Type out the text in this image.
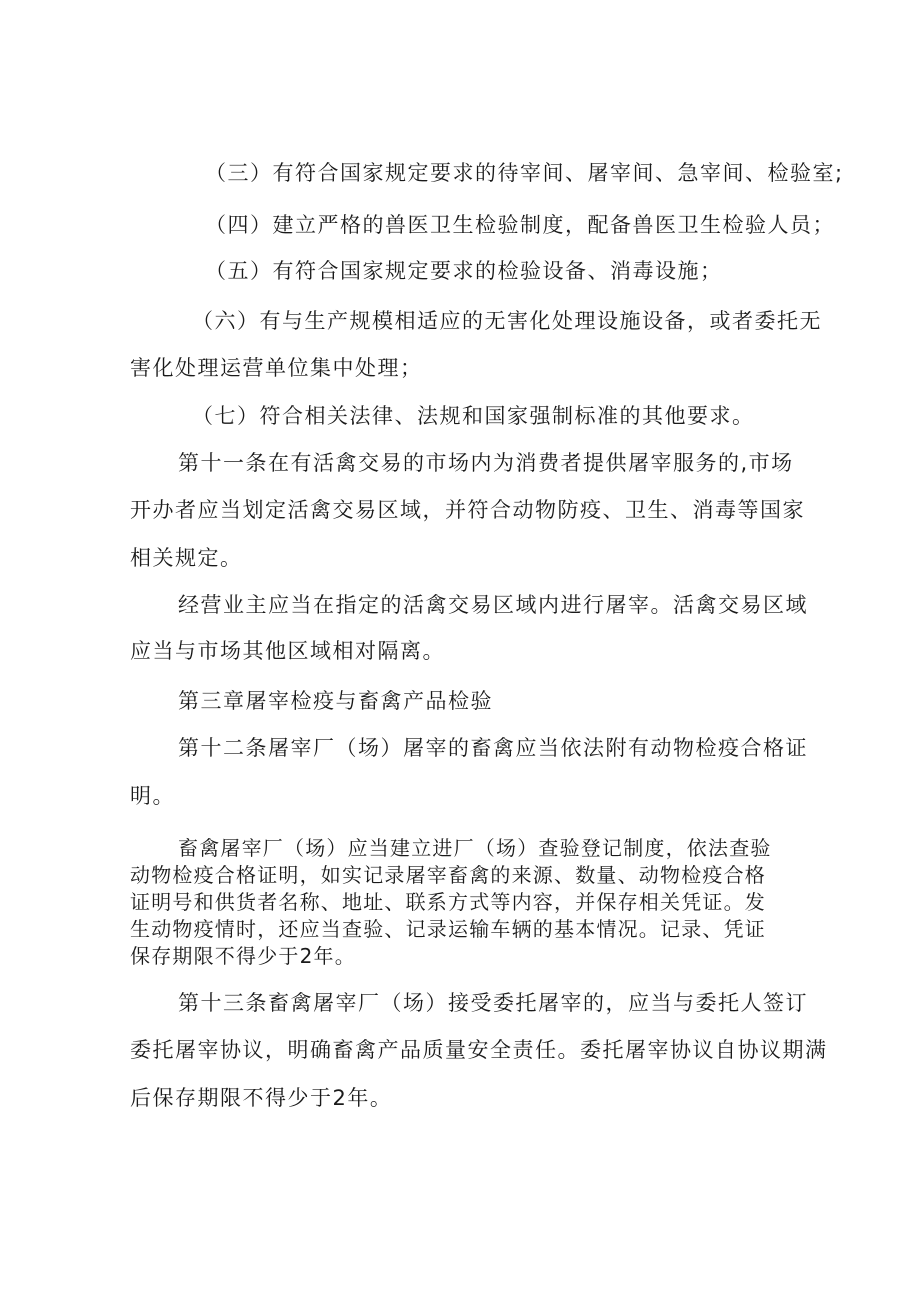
（三）有符合国家规定要求的待宰间、屠宰间、急宰间、检验室;
（四）建立严格的兽医卫生检验制度，配备兽医卫生检验人员；
（五）有符合国家规定要求的检验设备、消毒设施；
（六）有与生产规模相适应的无害化处理设施设备，或者委托无
害化处理运营单位集中处理；
（七）符合相关法律、法规和国家强制标准的其他要求。
第十一条在有活禽交易的市场内为消费者提供屠宰服务的,市场
开办者应当划定活禽交易区域，并符合动物防疫、卫生、消毒等国家
相关规定。
经营业主应当在指定的活禽交易区域内进行屠宰。活禽交易区域
应当与市场其他区域相对隔离。
第三章屠宰检疫与畜禽产品检验
第十二条屠宰厂（场）屠宰的畜禽应当依法附有动物检疫合格证
明。
畜禽屠宰厂（场）应当建立进厂（场）查验登记制度，依法查验
动物检疫合格证明，如实记录屠宰畜禽的来源、数量、动物检疫合格
证明号和供货者名称、地址、联系方式等内容，并保存相关凭证。发
生动物疫情时，还应当查验、记录运输车辆的基本情况。记录、凭证
保存期限不得少于2年。
第十三条畜禽屠宰厂（场）接受委托屠宰的，应当与委托人签订
委托屠宰协议，明确畜禽产品质量安全责任。委托屠宰协议自协议期满
后保存期限不得少于2年。
